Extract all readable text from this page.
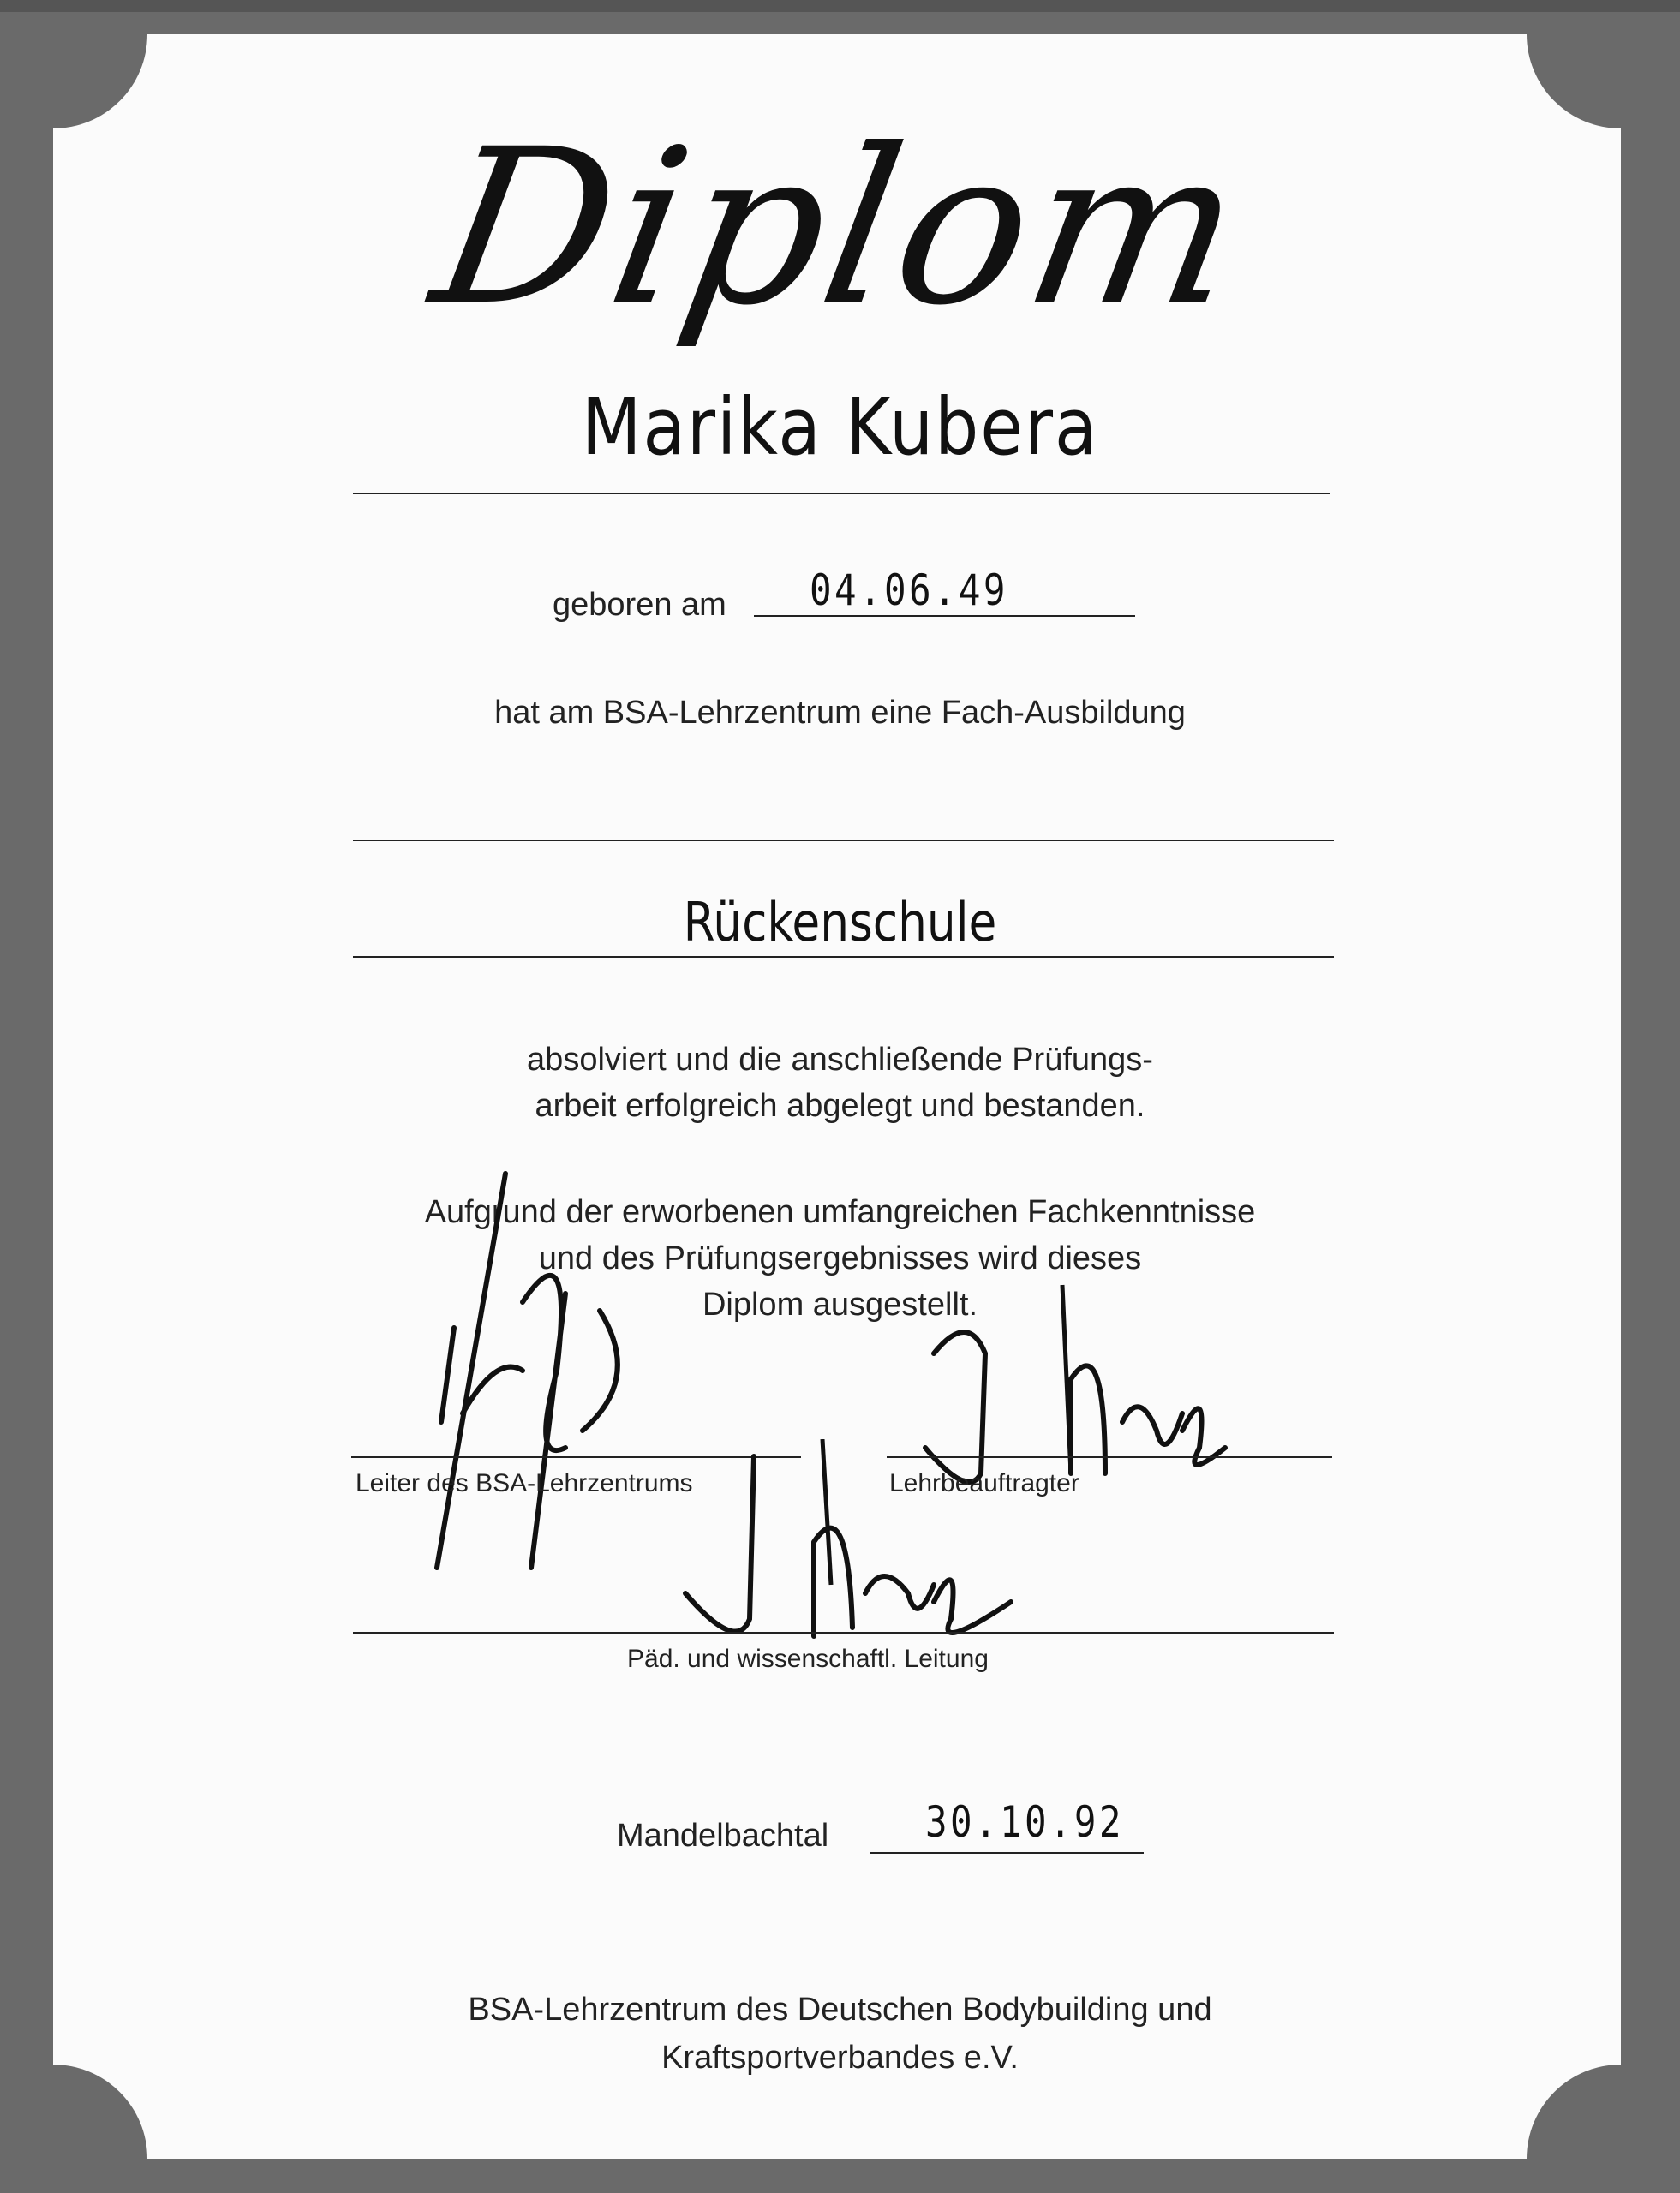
Diplom
Marika Kubera
geboren am 04.06.49
hat am BSA-Lehrzentrum eine Fach-Ausbildung
Rückenschule
absolviert und die anschließende Prüfungs-
arbeit erfolgreich abgelegt und bestanden.
Aufgrund der erworbenen umfangreichen Fachkenntnisse
und des Prüfungsergebnisses wird dieses
Diplom ausgestellt.
Leiter des BSA-Lehrzentrums	Lehrbeauftragter
Päd. und wissenschaftl. Leitung
Mandelbachtal 30.10.92
BSA-Lehrzentrum des Deutschen Bodybuilding und
Kraftsportverbandes e.V.
